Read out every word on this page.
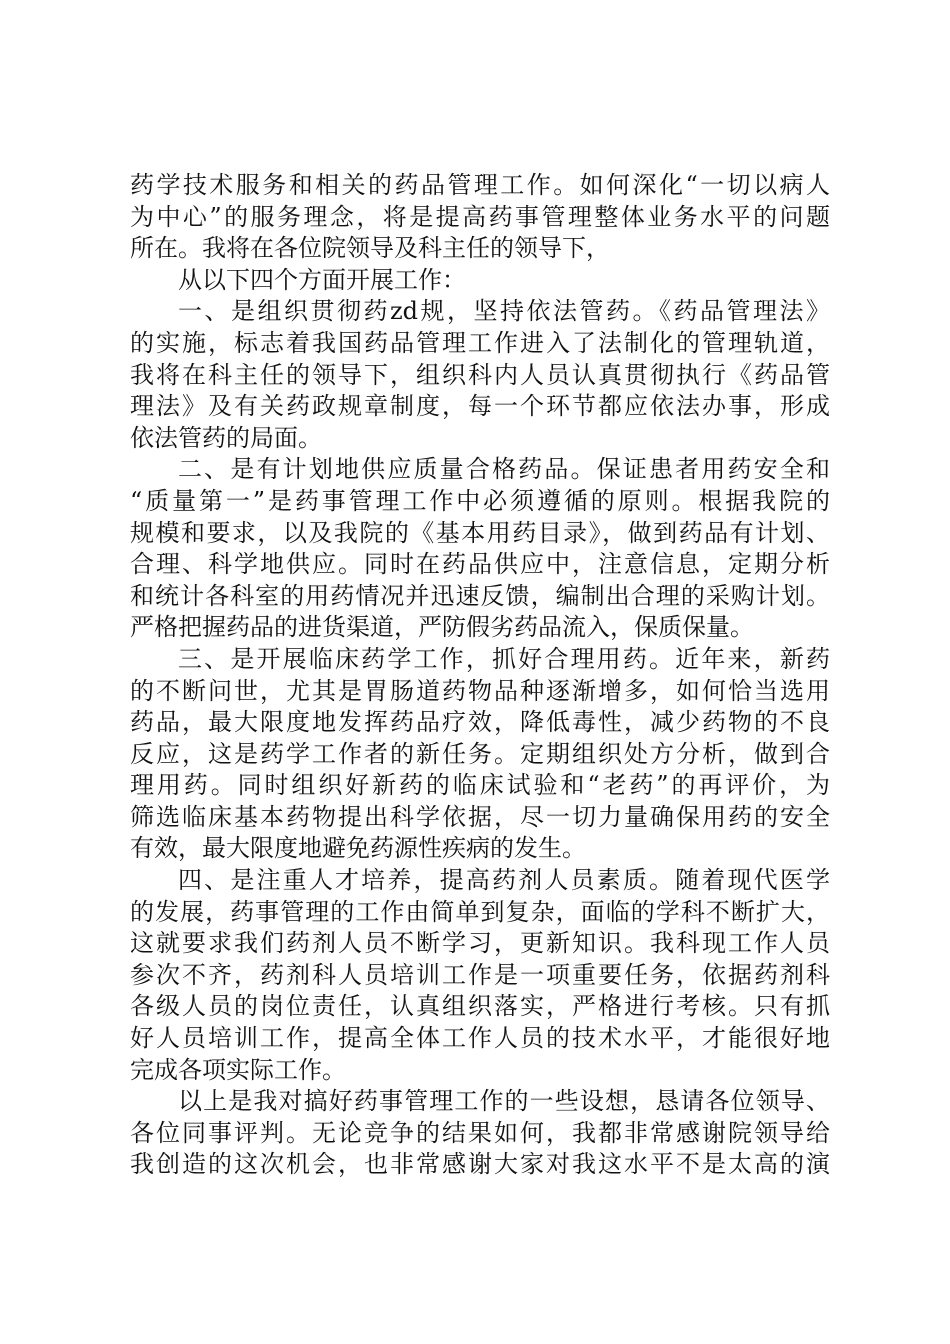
药学技术服务和相关的药品管理工作。如何深化“一切以病人
为中心”的服务理念，将是提高药事管理整体业务水平的问题
所在。我将在各位院领导及科主任的领导下，
从以下四个方面开展工作：
一、是组织贯彻药zd规，坚持依法管药。《药品管理法》
的实施，标志着我国药品管理工作进入了法制化的管理轨道，
我将在科主任的领导下，组织科内人员认真贯彻执行《药品管
理法》及有关药政规章制度，每一个环节都应依法办事，形成
依法管药的局面。
二、是有计划地供应质量合格药品。保证患者用药安全和
“质量第一”是药事管理工作中必须遵循的原则。根据我院的
规模和要求，以及我院的《基本用药目录》，做到药品有计划、
合理、科学地供应。同时在药品供应中，注意信息，定期分析
和统计各科室的用药情况并迅速反馈，编制出合理的采购计划。
严格把握药品的进货渠道，严防假劣药品流入，保质保量。
三、是开展临床药学工作，抓好合理用药。近年来，新药
的不断问世，尤其是胃肠道药物品种逐渐增多，如何恰当选用
药品，最大限度地发挥药品疗效，降低毒性，减少药物的不良
反应，这是药学工作者的新任务。定期组织处方分析，做到合
理用药。同时组织好新药的临床试验和“老药”的再评价，为
筛选临床基本药物提出科学依据，尽一切力量确保用药的安全
有效，最大限度地避免药源性疾病的发生。
四、是注重人才培养，提高药剂人员素质。随着现代医学
的发展，药事管理的工作由简单到复杂，面临的学科不断扩大，
这就要求我们药剂人员不断学习，更新知识。我科现工作人员
参次不齐，药剂科人员培训工作是一项重要任务，依据药剂科
各级人员的岗位责任，认真组织落实，严格进行考核。只有抓
好人员培训工作，提高全体工作人员的技术水平，才能很好地
完成各项实际工作。
以上是我对搞好药事管理工作的一些设想，恳请各位领导、
各位同事评判。无论竞争的结果如何，我都非常感谢院领导给
我创造的这次机会，也非常感谢大家对我这水平不是太高的演
